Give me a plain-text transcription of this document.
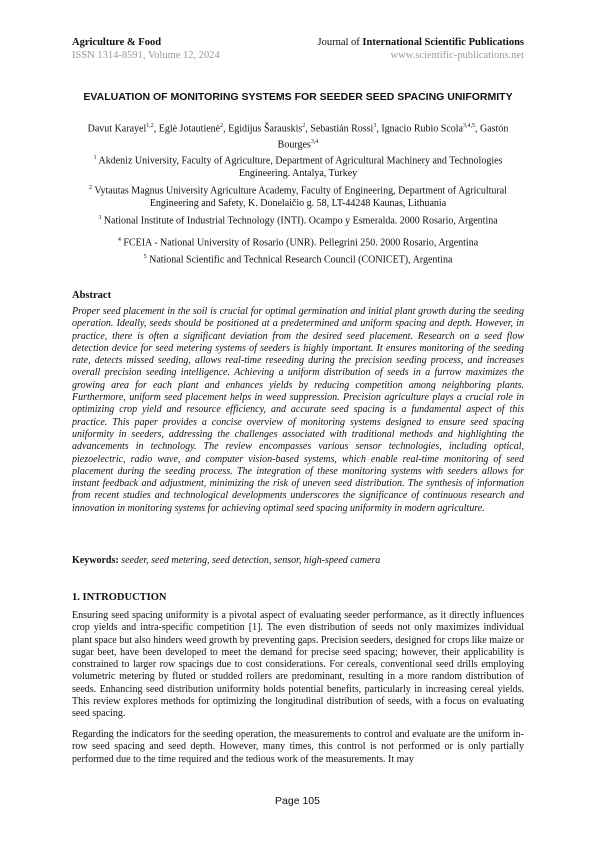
Agriculture & Food
ISSN 1314-8591, Volume 12, 2024
Journal of International Scientific Publications
www.scientific-publications.net
EVALUATION OF MONITORING SYSTEMS FOR SEEDER SEED SPACING UNIFORMITY
Davut Karayel$^{1,2}$, Eglė Jotautienė$^2$, Egidijus Šarauskis$^2$, Sebastián Rossi$^3$, Ignacio Rubio Scola$^{3,4,5}$, Gastón Bourges$^{3,4}$
$^1$ Akdeniz University, Faculty of Agriculture, Department of Agricultural Machinery and Technologies Engineering. Antalya, Turkey
$^2$ Vytautas Magnus University Agriculture Academy, Faculty of Engineering, Department of Agricultural Engineering and Safety, K. Donelaičio g. 58, LT-44248 Kaunas, Lithuania
$^3$ National Institute of Industrial Technology (INTI). Ocampo y Esmeralda. 2000 Rosario, Argentina
$^4$ FCEIA - National University of Rosario (UNR). Pellegrini 250. 2000 Rosario, Argentina
$^5$ National Scientific and Technical Research Council (CONICET), Argentina
Abstract

Proper seed placement in the soil is crucial for optimal germination and initial plant growth during the seeding operation. Ideally, seeds should be positioned at a predetermined and uniform spacing and depth. However, in practice, there is often a significant deviation from the desired seed placement. Research on a seed flow detection device for seed metering systems of seeders is highly important. It ensures monitoring of the seeding rate, detects missed seeding, allows real-time reseeding during the precision seeding process, and increases overall precision seeding intelligence. Achieving a uniform distribution of seeds in a furrow maximizes the growing area for each plant and enhances yields by reducing competition among neighboring plants. Furthermore, uniform seed placement helps in weed suppression. Precision agriculture plays a crucial role in optimizing crop yield and resource efficiency, and accurate seed spacing is a fundamental aspect of this practice. This paper provides a concise overview of monitoring systems designed to ensure seed spacing uniformity in seeders, addressing the challenges associated with traditional methods and highlighting the advancements in technology. The review encompasses various sensor technologies, including optical, piezoelectric, radio wave, and computer vision-based systems, which enable real-time monitoring of seed placement during the seeding process. The integration of these monitoring systems with seeders allows for instant feedback and adjustment, minimizing the risk of uneven seed distribution. The synthesis of information from recent studies and technological developments underscores the significance of continuous research and innovation in monitoring systems for achieving optimal seed spacing uniformity in modern agriculture.

Keywords: seeder, seed metering, seed detection, sensor, high-speed camera
1. INTRODUCTION

Ensuring seed spacing uniformity is a pivotal aspect of evaluating seeder performance, as it directly influences crop yields and intra-specific competition [1]. The even distribution of seeds not only maximizes individual plant space but also hinders weed growth by preventing gaps. Precision seeders, designed for crops like maize or sugar beet, have been developed to meet the demand for precise seed spacing; however, their applicability is constrained to larger row spacings due to cost considerations. For cereals, conventional seed drills employing volumetric metering by fluted or studded rollers are predominant, resulting in a more random distribution of seeds. Enhancing seed distribution uniformity holds potential benefits, particularly in increasing cereal yields. This review explores methods for optimizing the longitudinal distribution of seeds, with a focus on evaluating seed spacing.

Regarding the indicators for the seeding operation, the measurements to control and evaluate are the uniform in-row seed spacing and seed depth. However, many times, this control is not performed or is only partially performed due to the time required and the tedious work of the measurements. It may

Page 105
